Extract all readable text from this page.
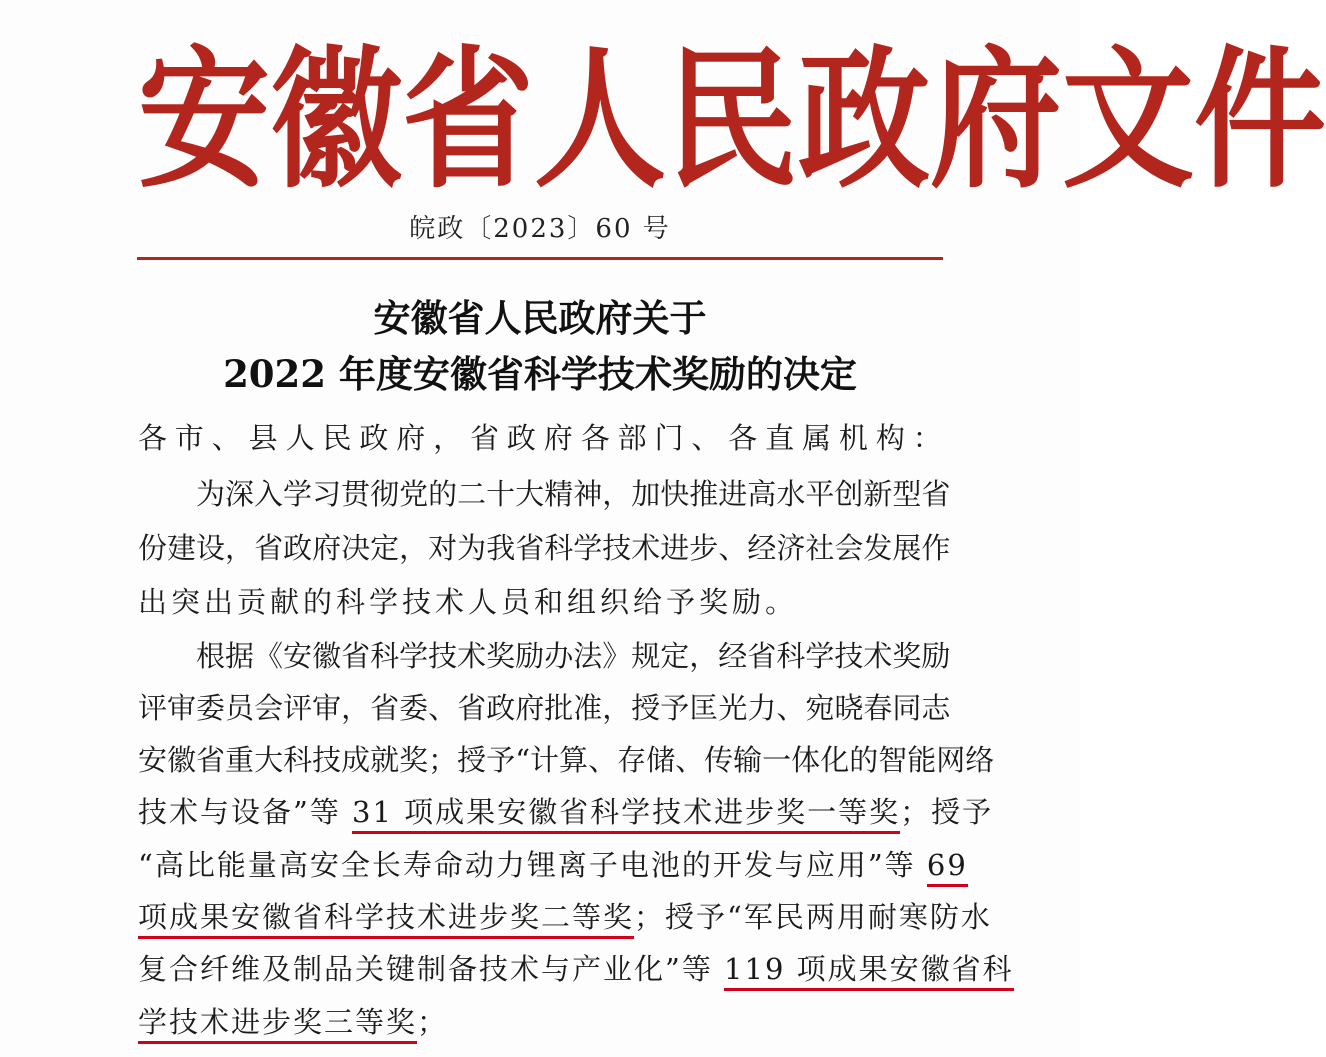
安 徽 省 人 民 政 府 文 件
皖政〔2023〕60 号
安徽省人民政府关于
2022 年度安徽省科学技术奖励的决定
各 市 、 县 人 民 政 府 ， 省 政 府 各 部 门 、 各 直 属 机 构 ：
为 深 入 学 习 贯 彻 党 的 二 十 大 精 神 ， 加 快 推 进 高 水 平 创 新 型 省
份 建 设 ， 省 政 府 决 定 ， 对 为 我 省 科 学 技 术 进 步 、 经 济 社 会 发 展 作
出突出贡献的科学技术人员和组织给予奖励。
根 据 《 安 徽 省 科 学 技 术 奖 励 办 法 》 规 定 ， 经 省 科 学 技 术 奖 励
评 审 委 员 会 评 审 ， 省 委 、 省 政 府 批 准 ， 授 予 匡 光 力 、 宛 晓 春 同 志
安 徽 省 重 大 科 技 成 就 奖 ； 授 予 “ 计 算 、 存 储 、 传 输 一 体 化 的 智 能 网 络
技术与设备”等 31 项成果安徽省科学技术进步奖一等奖；授予
“高比能量高安全长寿命动力锂离子电池的开发与应用”等 69
项成果安徽省科学技术进步奖二等奖；授予“军民两用耐寒防水
复合纤维及制品关键制备技术与产业化”等 119 项成果安徽省科
学技术进步奖三等奖；
